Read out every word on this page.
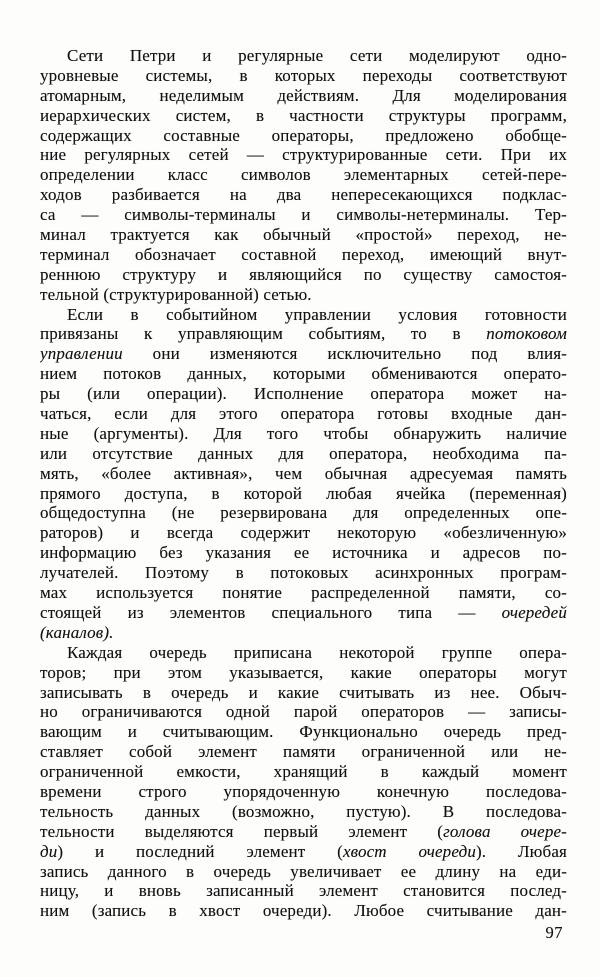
Сети Петри и регулярные сети моделируют одно-
уровневые системы, в которых переходы соответствуют
атомарным, неделимым действиям. Для моделирования
иерархических систем, в частности структуры программ,
содержащих составные операторы, предложено обобще-
ние регулярных сетей — структурированные сети. При их
определении класс символов элементарных сетей-пере-
ходов разбивается на два непересекающихся подклас-
са — символы-терминалы и символы-нетерминалы. Тер-
минал трактуется как обычный «простой» переход, не-
терминал обозначает составной переход, имеющий внут-
реннюю структуру и являющийся по существу самостоя-
тельной (структурированной) сетью.
Если в событийном управлении условия готовности
привязаны к управляющим событиям, то в потоковом
управлении они изменяются исключительно под влия-
нием потоков данных, которыми обмениваются операто-
ры (или операции). Исполнение оператора может на-
чаться, если для этого оператора готовы входные дан-
ные (аргументы). Для того чтобы обнаружить наличие
или отсутствие данных для оператора, необходима па-
мять, «более активная», чем обычная адресуемая память
прямого доступа, в которой любая ячейка (переменная)
общедоступна (не резервирована для определенных опе-
раторов) и всегда содержит некоторую «обезличенную»
информацию без указания ее источника и адресов по-
лучателей. Поэтому в потоковых асинхронных програм-
мах используется понятие распределенной памяти, со-
стоящей из элементов специального типа — очередей
(каналов).
Каждая очередь приписана некоторой группе опера-
торов; при этом указывается, какие операторы могут
записывать в очередь и какие считывать из нее. Обыч-
но ограничиваются одной парой операторов — записы-
вающим и считывающим. Функционально очередь пред-
ставляет собой элемент памяти ограниченной или не-
ограниченной емкости, хранящий в каждый момент
времени строго упорядоченную конечную последова-
тельность данных (возможно, пустую). В последова-
тельности выделяются первый элемент (голова очере-
ди) и последний элемент (хвост очереди). Любая
запись данного в очередь увеличивает ее длину на еди-
ницу, и вновь записанный элемент становится послед-
ним (запись в хвост очереди). Любое считывание дан-
97
